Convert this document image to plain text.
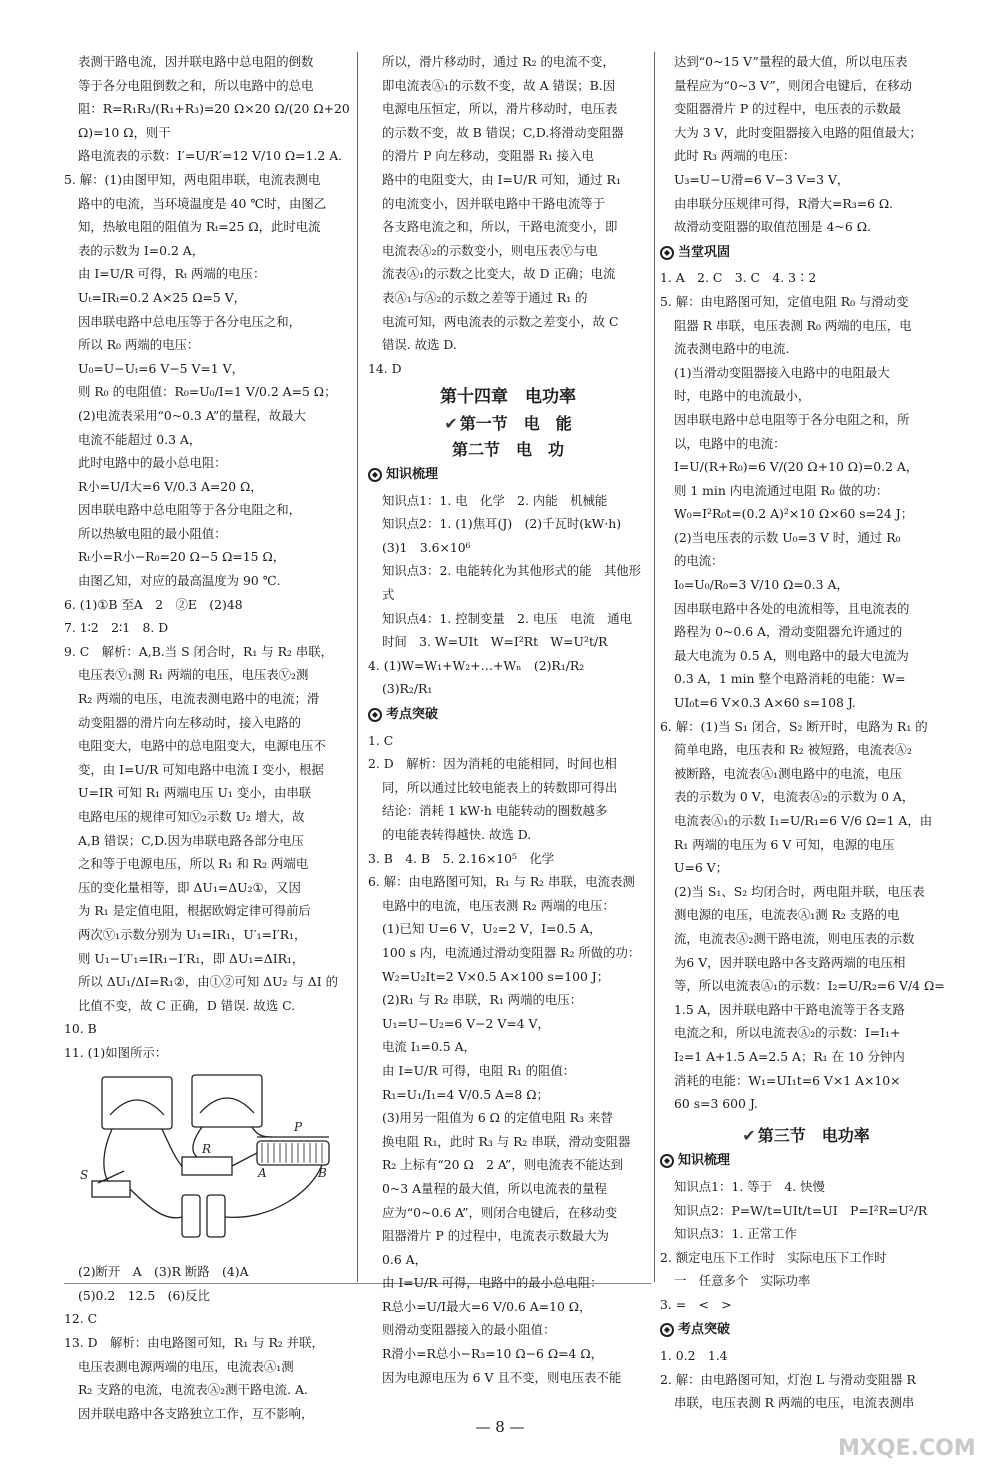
表测干路电流，因并联电路中总电阻的倒数
等于各分电阻倒数之和，所以电路中的总电
阻：R=R₁R₃/(R₁+R₃)=20 Ω×20 Ω/(20 Ω+20 Ω)=10 Ω，则干
路电流表的示数：I′=U/R′=12 V/10 Ω=1.2 A.
5. 解：(1)由图甲知，两电阻串联，电流表测电
路中的电流，当环境温度是 40 ℃时，由图乙
知，热敏电阻的阻值为 Rₜ=25 Ω，此时电流
表的示数为 I=0.2 A，
由 I=U/R 可得，Rₜ 两端的电压：
Uₜ=IRₜ=0.2 A×25 Ω=5 V，
因串联电路中总电压等于各分电压之和，
所以 R₀ 两端的电压：
U₀=U−Uₜ=6 V−5 V=1 V，
则 R₀ 的电阻值：R₀=U₀/I=1 V/0.2 A=5 Ω；
(2)电流表采用“0~0.3 A”的量程，故最大
电流不能超过 0.3 A，
此时电路中的最小总电阻：
R小=U/I大=6 V/0.3 A=20 Ω，
因串联电路中总电阻等于各分电阻之和，
所以热敏电阻的最小阻值：
Rₜ小=R小−R₀=20 Ω−5 Ω=15 Ω，
由图乙知，对应的最高温度为 90 ℃.
6. (1)①B 至A　2　②E　(2)48
7. 1∶2　2∶1　8. D
9. C　解析：A,B.当 S 闭合时，R₁ 与 R₂ 串联，
电压表Ⓥ₁测 R₁ 两端的电压，电压表Ⓥ₂测
R₂ 两端的电压，电流表测电路中的电流；滑
动变阻器的滑片向左移动时，接入电路的
电阻变大，电路中的总电阻变大，电源电压不
变，由 I=U/R 可知电路中电流 I 变小，根据
U=IR 可知 R₁ 两端电压 U₁ 变小，由串联
电路电压的规律可知Ⓥ₂示数 U₂ 增大，故
A,B 错误；C,D.因为串联电路各部分电压
之和等于电源电压，所以 R₁ 和 R₂ 两端电
压的变化量相等，即 ΔU₁=ΔU₂①，又因
为 R₁ 是定值电阻，根据欧姆定律可得前后
两次Ⓥ₁示数分别为 U₁=IR₁，U′₁=I′R₁，
则 U₁−U′₁=IR₁−I′R₁，即 ΔU₁=ΔIR₁，
所以 ΔU₁/ΔI=R₁②，由①②可知 ΔU₂ 与 ΔI 的
比值不变，故 C 正确，D 错误. 故选 C.
10. B
11. (1)如图所示：
S
R
P
A	B
(2)断开　A　(3)R 断路　(4)A
(5)0.2　12.5　(6)反比
12. C
13. D　解析：由电路图可知，R₁ 与 R₂ 并联，
电压表测电源两端的电压，电流表Ⓐ₁测
R₂ 支路的电流，电流表Ⓐ₂测干路电流. A.
因并联电路中各支路独立工作，互不影响，
所以，滑片移动时，通过 R₂ 的电流不变，
即电流表Ⓐ₁的示数不变，故 A 错误；B.因
电源电压恒定，所以，滑片移动时，电压表
的示数不变，故 B 错误；C,D.将滑动变阻器
的滑片 P 向左移动，变阻器 R₁ 接入电
路中的电阻变大，由 I=U/R 可知，通过 R₁
的电流变小，因并联电路中干路电流等于
各支路电流之和，所以，干路电流变小，即
电流表Ⓐ₂的示数变小，则电压表Ⓥ与电
流表Ⓐ₁的示数之比变大，故 D 正确；电流
表Ⓐ₁与Ⓐ₂的示数之差等于通过 R₁ 的
电流可知，两电流表的示数之差变小，故 C
错误. 故选 D.
14. D
第十四章　电功率
✔ 第一节　电　能
第二节　电　功
◆ 知识梳理
知识点1：1. 电　化学　2. 内能　机械能
知识点2：1. (1)焦耳(J)　(2)千瓦时(kW·h)
(3)1　3.6×10⁶
知识点3：2. 电能转化为其他形式的能　其他形式
知识点4：1. 控制变量　2. 电压　电流　通电
时间　3. W=UIt　W=I²Rt　W=U²t/R
4. (1)W=W₁+W₂+…+Wₙ　(2)R₁/R₂
(3)R₂/R₁
◆ 考点突破
1. C
2. D　解析：因为消耗的电能相同，时间也相
同，所以通过比较电能表上的转数即可得出
结论：消耗 1 kW·h 电能转动的圈数越多
的电能表转得越快. 故选 D.
3. B　4. B　5. 2.16×10⁵　化学
6. 解：由电路图可知，R₁ 与 R₂ 串联，电流表测
电路中的电流，电压表测 R₂ 两端的电压：
(1)已知 U=6 V，U₂=2 V，I=0.5 A，
100 s 内，电流通过滑动变阻器 R₂ 所做的功：
W₂=U₂It=2 V×0.5 A×100 s=100 J；
(2)R₁ 与 R₂ 串联，R₁ 两端的电压：
U₁=U−U₂=6 V−2 V=4 V，
电流 I₁=0.5 A，
由 I=U/R 可得，电阻 R₁ 的阻值：
R₁=U₁/I₁=4 V/0.5 A=8 Ω；
(3)用另一阻值为 6 Ω 的定值电阻 R₃ 来替
换电阻 R₁，此时 R₃ 与 R₂ 串联，滑动变阻器
R₂ 上标有“20 Ω　2 A”，则电流表不能达到
0~3 A量程的最大值，所以电流表的量程
应为“0~0.6 A”，则闭合电键后，在移动变
阻器滑片 P 的过程中，电流表示数最大为
0.6 A，
由 I=U/R 可得，电路中的最小总电阻：
R总小=U/I最大=6 V/0.6 A=10 Ω，
则滑动变阻器接入的最小阻值：
R滑小=R总小−R₃=10 Ω−6 Ω=4 Ω，
因为电源电压为 6 V 且不变，则电压表不能
达到“0~15 V”量程的最大值，所以电压表
量程应为“0~3 V”，则闭合电键后，在移动
变阻器滑片 P 的过程中，电压表的示数最
大为 3 V，此时变阻器接入电路的阻值最大；
此时 R₃ 两端的电压：
U₃=U−U滑=6 V−3 V=3 V，
由串联分压规律可得，R滑大=R₃=6 Ω.
故滑动变阻器的取值范围是 4~6 Ω.
◆ 当堂巩固
1. A　2. C　3. C　4. 3∶2
5. 解：由电路图可知，定值电阻 R₀ 与滑动变
阻器 R 串联，电压表测 R₀ 两端的电压，电
流表测电路中的电流.
(1)当滑动变阻器接入电路中的电阻最大
时，电路中的电流最小，
因串联电路中总电阻等于各分电阻之和，所
以，电路中的电流：
I=U/(R+R₀)=6 V/(20 Ω+10 Ω)=0.2 A，
则 1 min 内电流通过电阻 R₀ 做的功：
W₀=I²R₀t=(0.2 A)²×10 Ω×60 s=24 J；
(2)当电压表的示数 U₀=3 V 时，通过 R₀
的电流：
I₀=U₀/R₀=3 V/10 Ω=0.3 A，
因串联电路中各处的电流相等，且电流表的
路程为 0~0.6 A，滑动变阻器允许通过的
最大电流为 0.5 A，则电路中的最大电流为
0.3 A，1 min 整个电路消耗的电能：W=
UI₀t=6 V×0.3 A×60 s=108 J.
6. 解：(1)当 S₁ 闭合，S₂ 断开时，电路为 R₁ 的
简单电路，电压表和 R₂ 被短路，电流表Ⓐ₂
被断路，电流表Ⓐ₁测电路中的电流，电压
表的示数为 0 V，电流表Ⓐ₂的示数为 0 A，
电流表Ⓐ₁的示数 I₁=U/R₁=6 V/6 Ω=1 A，由
R₁ 两端的电压为 6 V 可知，电源的电压
U=6 V；
(2)当 S₁、S₂ 均闭合时，两电阻并联，电压表
测电源的电压，电流表Ⓐ₁测 R₂ 支路的电
流，电流表Ⓐ₂测干路电流，则电压表的示数
为6 V，因并联电路中各支路两端的电压相
等，所以电流表Ⓐ₁的示数：I₂=U/R₂=6 V/4 Ω=
1.5 A，因并联电路中干路电流等于各支路
电流之和，所以电流表Ⓐ₂的示数：I=I₁+
I₂=1 A+1.5 A=2.5 A；R₁ 在 10 分钟内
消耗的电能：W₁=UI₁t=6 V×1 A×10×
60 s=3 600 J.
✔ 第三节　电功率
◆ 知识梳理
知识点1：1. 等于　4. 快慢
知识点2：P=W/t=UIt/t=UI　P=I²R=U²/R
知识点3：1. 正常工作
2. 额定电压下工作时　实际电压下工作时
一　任意多个　实际功率
3. =　<　>
◆ 考点突破
1. 0.2　1.4
2. 解：由电路图可知，灯泡 L 与滑动变阻器 R
串联，电压表测 R 两端的电压，电流表测串
— 8 —
MXQE.COM
